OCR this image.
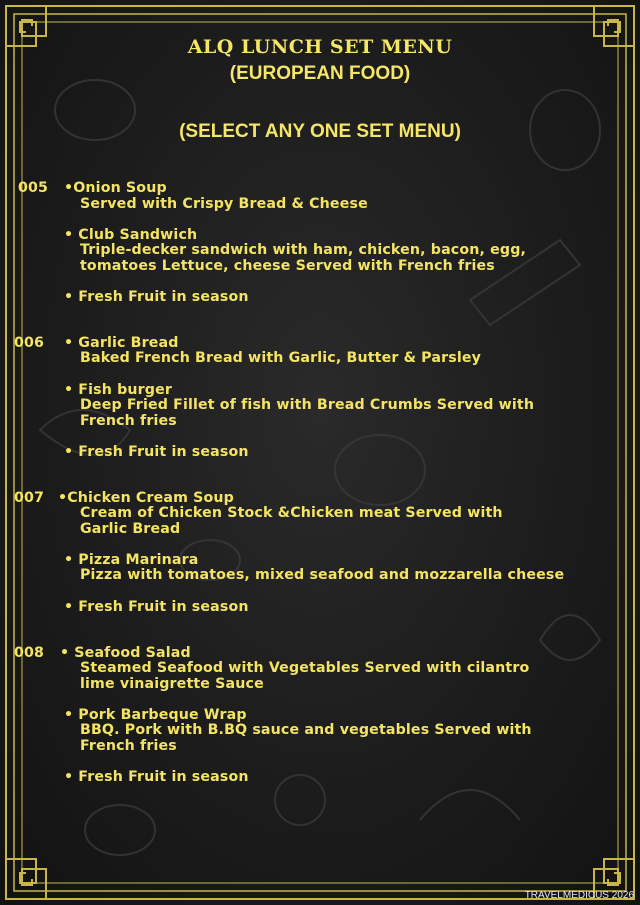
ALQ LUNCH SET MENU
(EUROPEAN FOOD)
(SELECT ANY ONE SET MENU)
005 •Onion Soup
Served with Crispy Bread & Cheese
• Club Sandwich
Triple-decker sandwich with ham, chicken, bacon, egg,
tomatoes Lettuce, cheese Served with French fries
• Fresh Fruit in season
006 • Garlic Bread
Baked French Bread with Garlic, Butter & Parsley
• Fish burger
Deep Fried Fillet of fish with Bread Crumbs Served with
French fries
• Fresh Fruit in season
007 •Chicken Cream Soup
Cream of Chicken Stock &Chicken meat Served with
Garlic Bread
• Pizza Marinara
Pizza with tomatoes, mixed seafood and mozzarella cheese
• Fresh Fruit in season
008 • Seafood Salad
Steamed Seafood with Vegetables Served with cilantro
lime vinaigrette Sauce
• Pork Barbeque Wrap
BBQ. Pork with B.BQ sauce and vegetables Served with
French fries
• Fresh Fruit in season
TRAVELMEDICUS 2026
